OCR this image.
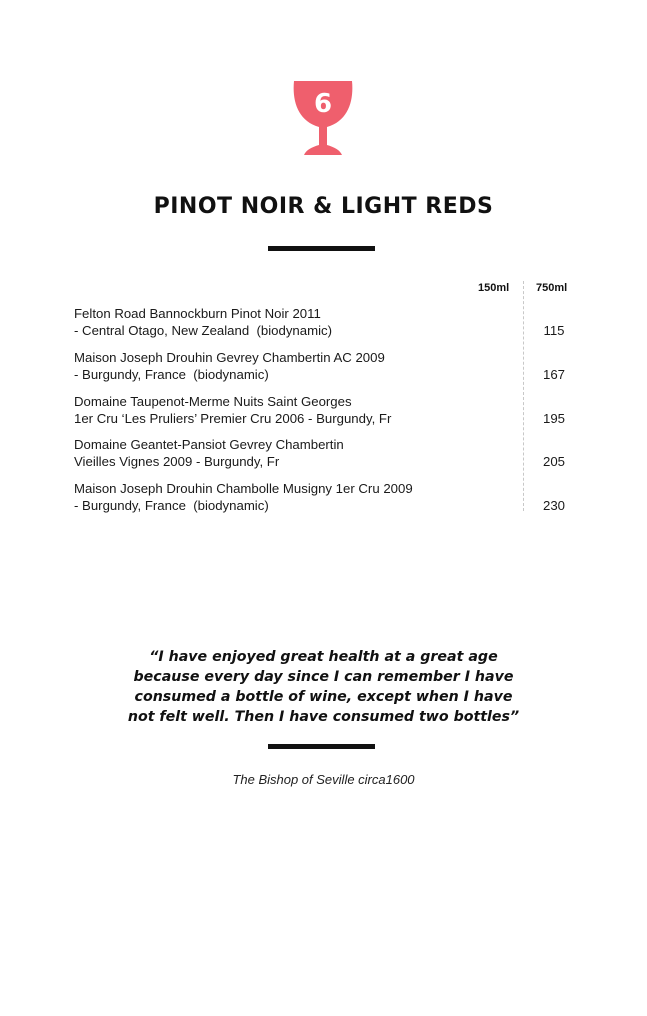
6
PINOT NOIR & LIGHT REDS
150ml 750ml
Felton Road Bannockburn Pinot Noir 2011
- Central Otago, New Zealand  (biodynamic)	115
Maison Joseph Drouhin Gevrey Chambertin AC 2009
- Burgundy, France  (biodynamic)	167
Domaine Taupenot-Merme Nuits Saint Georges
1er Cru ‘Les Pruliers’ Premier Cru 2006 - Burgundy, Fr	195
Domaine Geantet-Pansiot Gevrey Chambertin
Vieilles Vignes 2009 - Burgundy, Fr	205
Maison Joseph Drouhin Chambolle Musigny 1er Cru 2009
- Burgundy, France  (biodynamic)	230
“I have enjoyed great health at a great age
because every day since I can remember I have
consumed a bottle of wine, except when I have
not felt well. Then I have consumed two bottles”
The Bishop of Seville circa1600
